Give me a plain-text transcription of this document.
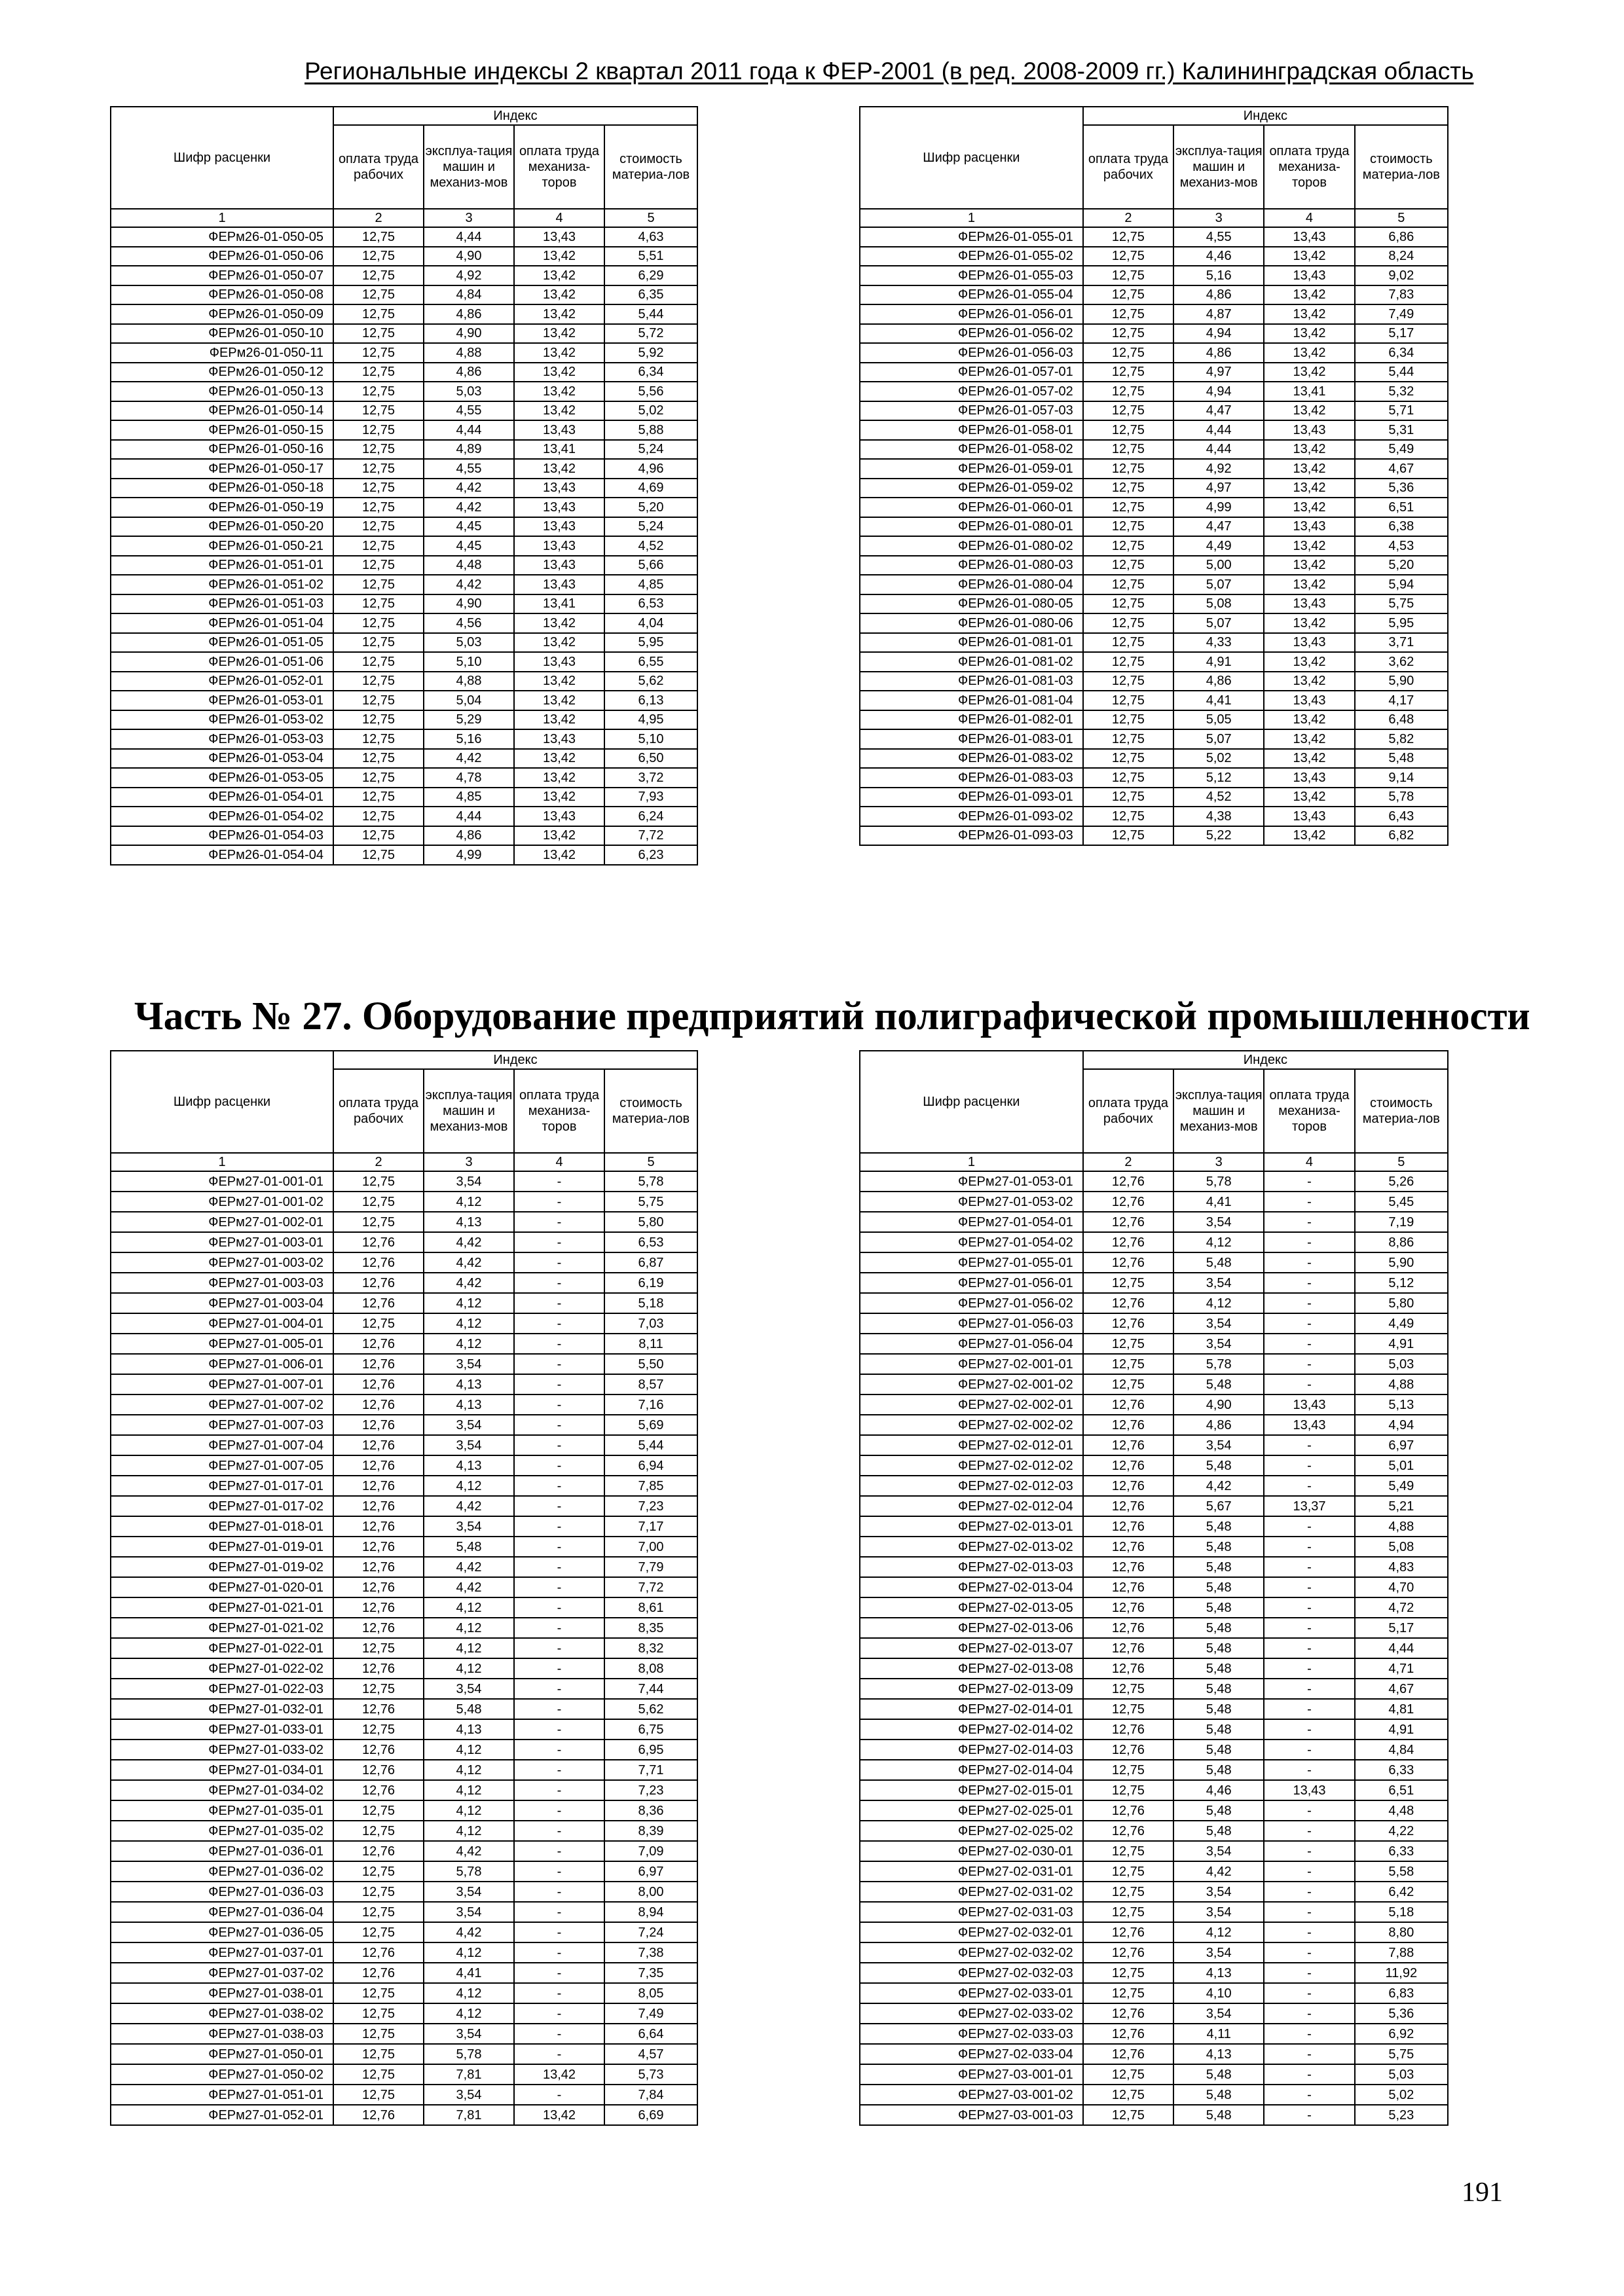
Региональные индексы 2 квартал 2011 года к ФЕР-2001 (в ред. 2008-2009 гг.) Калининградская область
Шифр расценки	Индекс			
	оплата труда рабочих	эксплуа-тация машин и механиз-мов	оплата труда механиза-торов	стоимость материа-лов
1	2	3	4	5
ФЕРм26-01-050-05	12,75	4,44	13,43	4,63
ФЕРм26-01-050-06	12,75	4,90	13,42	5,51
ФЕРм26-01-050-07	12,75	4,92	13,42	6,29
ФЕРм26-01-050-08	12,75	4,84	13,42	6,35
ФЕРм26-01-050-09	12,75	4,86	13,42	5,44
ФЕРм26-01-050-10	12,75	4,90	13,42	5,72
ФЕРм26-01-050-11	12,75	4,88	13,42	5,92
ФЕРм26-01-050-12	12,75	4,86	13,42	6,34
ФЕРм26-01-050-13	12,75	5,03	13,42	5,56
ФЕРм26-01-050-14	12,75	4,55	13,42	5,02
ФЕРм26-01-050-15	12,75	4,44	13,43	5,88
ФЕРм26-01-050-16	12,75	4,89	13,41	5,24
ФЕРм26-01-050-17	12,75	4,55	13,42	4,96
ФЕРм26-01-050-18	12,75	4,42	13,43	4,69
ФЕРм26-01-050-19	12,75	4,42	13,43	5,20
ФЕРм26-01-050-20	12,75	4,45	13,43	5,24
ФЕРм26-01-050-21	12,75	4,45	13,43	4,52
ФЕРм26-01-051-01	12,75	4,48	13,43	5,66
ФЕРм26-01-051-02	12,75	4,42	13,43	4,85
ФЕРм26-01-051-03	12,75	4,90	13,41	6,53
ФЕРм26-01-051-04	12,75	4,56	13,42	4,04
ФЕРм26-01-051-05	12,75	5,03	13,42	5,95
ФЕРм26-01-051-06	12,75	5,10	13,43	6,55
ФЕРм26-01-052-01	12,75	4,88	13,42	5,62
ФЕРм26-01-053-01	12,75	5,04	13,42	6,13
ФЕРм26-01-053-02	12,75	5,29	13,42	4,95
ФЕРм26-01-053-03	12,75	5,16	13,43	5,10
ФЕРм26-01-053-04	12,75	4,42	13,42	6,50
ФЕРм26-01-053-05	12,75	4,78	13,42	3,72
ФЕРм26-01-054-01	12,75	4,85	13,42	7,93
ФЕРм26-01-054-02	12,75	4,44	13,43	6,24
ФЕРм26-01-054-03	12,75	4,86	13,42	7,72
ФЕРм26-01-054-04	12,75	4,99	13,42	6,23
Шифр расценки	Индекс			
	оплата труда рабочих	эксплуа-тация машин и механиз-мов	оплата труда механиза-торов	стоимость материа-лов
1	2	3	4	5
ФЕРм26-01-055-01	12,75	4,55	13,43	6,86
ФЕРм26-01-055-02	12,75	4,46	13,42	8,24
ФЕРм26-01-055-03	12,75	5,16	13,43	9,02
ФЕРм26-01-055-04	12,75	4,86	13,42	7,83
ФЕРм26-01-056-01	12,75	4,87	13,42	7,49
ФЕРм26-01-056-02	12,75	4,94	13,42	5,17
ФЕРм26-01-056-03	12,75	4,86	13,42	6,34
ФЕРм26-01-057-01	12,75	4,97	13,42	5,44
ФЕРм26-01-057-02	12,75	4,94	13,41	5,32
ФЕРм26-01-057-03	12,75	4,47	13,42	5,71
ФЕРм26-01-058-01	12,75	4,44	13,43	5,31
ФЕРм26-01-058-02	12,75	4,44	13,42	5,49
ФЕРм26-01-059-01	12,75	4,92	13,42	4,67
ФЕРм26-01-059-02	12,75	4,97	13,42	5,36
ФЕРм26-01-060-01	12,75	4,99	13,42	6,51
ФЕРм26-01-080-01	12,75	4,47	13,43	6,38
ФЕРм26-01-080-02	12,75	4,49	13,42	4,53
ФЕРм26-01-080-03	12,75	5,00	13,42	5,20
ФЕРм26-01-080-04	12,75	5,07	13,42	5,94
ФЕРм26-01-080-05	12,75	5,08	13,43	5,75
ФЕРм26-01-080-06	12,75	5,07	13,42	5,95
ФЕРм26-01-081-01	12,75	4,33	13,43	3,71
ФЕРм26-01-081-02	12,75	4,91	13,42	3,62
ФЕРм26-01-081-03	12,75	4,86	13,42	5,90
ФЕРм26-01-081-04	12,75	4,41	13,43	4,17
ФЕРм26-01-082-01	12,75	5,05	13,42	6,48
ФЕРм26-01-083-01	12,75	5,07	13,42	5,82
ФЕРм26-01-083-02	12,75	5,02	13,42	5,48
ФЕРм26-01-083-03	12,75	5,12	13,43	9,14
ФЕРм26-01-093-01	12,75	4,52	13,42	5,78
ФЕРм26-01-093-02	12,75	4,38	13,43	6,43
ФЕРм26-01-093-03	12,75	5,22	13,42	6,82
Часть № 27. Оборудование предприятий полиграфической промышленности
Шифр расценки	Индекс			
	оплата труда рабочих	эксплуа-тация машин и механиз-мов	оплата труда механиза-торов	стоимость материа-лов
1	2	3	4	5
ФЕРм27-01-001-01	12,75	3,54	-	5,78
ФЕРм27-01-001-02	12,75	4,12	-	5,75
ФЕРм27-01-002-01	12,75	4,13	-	5,80
ФЕРм27-01-003-01	12,76	4,42	-	6,53
ФЕРм27-01-003-02	12,76	4,42	-	6,87
ФЕРм27-01-003-03	12,76	4,42	-	6,19
ФЕРм27-01-003-04	12,76	4,12	-	5,18
ФЕРм27-01-004-01	12,75	4,12	-	7,03
ФЕРм27-01-005-01	12,76	4,12	-	8,11
ФЕРм27-01-006-01	12,76	3,54	-	5,50
ФЕРм27-01-007-01	12,76	4,13	-	8,57
ФЕРм27-01-007-02	12,76	4,13	-	7,16
ФЕРм27-01-007-03	12,76	3,54	-	5,69
ФЕРм27-01-007-04	12,76	3,54	-	5,44
ФЕРм27-01-007-05	12,76	4,13	-	6,94
ФЕРм27-01-017-01	12,76	4,12	-	7,85
ФЕРм27-01-017-02	12,76	4,42	-	7,23
ФЕРм27-01-018-01	12,76	3,54	-	7,17
ФЕРм27-01-019-01	12,76	5,48	-	7,00
ФЕРм27-01-019-02	12,76	4,42	-	7,79
ФЕРм27-01-020-01	12,76	4,42	-	7,72
ФЕРм27-01-021-01	12,76	4,12	-	8,61
ФЕРм27-01-021-02	12,76	4,12	-	8,35
ФЕРм27-01-022-01	12,75	4,12	-	8,32
ФЕРм27-01-022-02	12,76	4,12	-	8,08
ФЕРм27-01-022-03	12,75	3,54	-	7,44
ФЕРм27-01-032-01	12,76	5,48	-	5,62
ФЕРм27-01-033-01	12,75	4,13	-	6,75
ФЕРм27-01-033-02	12,76	4,12	-	6,95
ФЕРм27-01-034-01	12,76	4,12	-	7,71
ФЕРм27-01-034-02	12,76	4,12	-	7,23
ФЕРм27-01-035-01	12,75	4,12	-	8,36
ФЕРм27-01-035-02	12,75	4,12	-	8,39
ФЕРм27-01-036-01	12,76	4,42	-	7,09
ФЕРм27-01-036-02	12,75	5,78	-	6,97
ФЕРм27-01-036-03	12,75	3,54	-	8,00
ФЕРм27-01-036-04	12,75	3,54	-	8,94
ФЕРм27-01-036-05	12,75	4,42	-	7,24
ФЕРм27-01-037-01	12,76	4,12	-	7,38
ФЕРм27-01-037-02	12,76	4,41	-	7,35
ФЕРм27-01-038-01	12,75	4,12	-	8,05
ФЕРм27-01-038-02	12,75	4,12	-	7,49
ФЕРм27-01-038-03	12,75	3,54	-	6,64
ФЕРм27-01-050-01	12,75	5,78	-	4,57
ФЕРм27-01-050-02	12,75	7,81	13,42	5,73
ФЕРм27-01-051-01	12,75	3,54	-	7,84
ФЕРм27-01-052-01	12,76	7,81	13,42	6,69
Шифр расценки	Индекс			
	оплата труда рабочих	эксплуа-тация машин и механиз-мов	оплата труда механиза-торов	стоимость материа-лов
1	2	3	4	5
ФЕРм27-01-053-01	12,76	5,78	-	5,26
ФЕРм27-01-053-02	12,76	4,41	-	5,45
ФЕРм27-01-054-01	12,76	3,54	-	7,19
ФЕРм27-01-054-02	12,76	4,12	-	8,86
ФЕРм27-01-055-01	12,76	5,48	-	5,90
ФЕРм27-01-056-01	12,75	3,54	-	5,12
ФЕРм27-01-056-02	12,76	4,12	-	5,80
ФЕРм27-01-056-03	12,76	3,54	-	4,49
ФЕРм27-01-056-04	12,75	3,54	-	4,91
ФЕРм27-02-001-01	12,75	5,78	-	5,03
ФЕРм27-02-001-02	12,75	5,48	-	4,88
ФЕРм27-02-002-01	12,76	4,90	13,43	5,13
ФЕРм27-02-002-02	12,76	4,86	13,43	4,94
ФЕРм27-02-012-01	12,76	3,54	-	6,97
ФЕРм27-02-012-02	12,76	5,48	-	5,01
ФЕРм27-02-012-03	12,76	4,42	-	5,49
ФЕРм27-02-012-04	12,76	5,67	13,37	5,21
ФЕРм27-02-013-01	12,76	5,48	-	4,88
ФЕРм27-02-013-02	12,76	5,48	-	5,08
ФЕРм27-02-013-03	12,76	5,48	-	4,83
ФЕРм27-02-013-04	12,76	5,48	-	4,70
ФЕРм27-02-013-05	12,76	5,48	-	4,72
ФЕРм27-02-013-06	12,76	5,48	-	5,17
ФЕРм27-02-013-07	12,76	5,48	-	4,44
ФЕРм27-02-013-08	12,76	5,48	-	4,71
ФЕРм27-02-013-09	12,75	5,48	-	4,67
ФЕРм27-02-014-01	12,75	5,48	-	4,81
ФЕРм27-02-014-02	12,76	5,48	-	4,91
ФЕРм27-02-014-03	12,76	5,48	-	4,84
ФЕРм27-02-014-04	12,75	5,48	-	6,33
ФЕРм27-02-015-01	12,75	4,46	13,43	6,51
ФЕРм27-02-025-01	12,76	5,48	-	4,48
ФЕРм27-02-025-02	12,76	5,48	-	4,22
ФЕРм27-02-030-01	12,75	3,54	-	6,33
ФЕРм27-02-031-01	12,75	4,42	-	5,58
ФЕРм27-02-031-02	12,75	3,54	-	6,42
ФЕРм27-02-031-03	12,75	3,54	-	5,18
ФЕРм27-02-032-01	12,76	4,12	-	8,80
ФЕРм27-02-032-02	12,76	3,54	-	7,88
ФЕРм27-02-032-03	12,75	4,13	-	11,92
ФЕРм27-02-033-01	12,75	4,10	-	6,83
ФЕРм27-02-033-02	12,76	3,54	-	5,36
ФЕРм27-02-033-03	12,76	4,11	-	6,92
ФЕРм27-02-033-04	12,76	4,13	-	5,75
ФЕРм27-03-001-01	12,75	5,48	-	5,03
ФЕРм27-03-001-02	12,75	5,48	-	5,02
ФЕРм27-03-001-03	12,75	5,48	-	5,23
191
